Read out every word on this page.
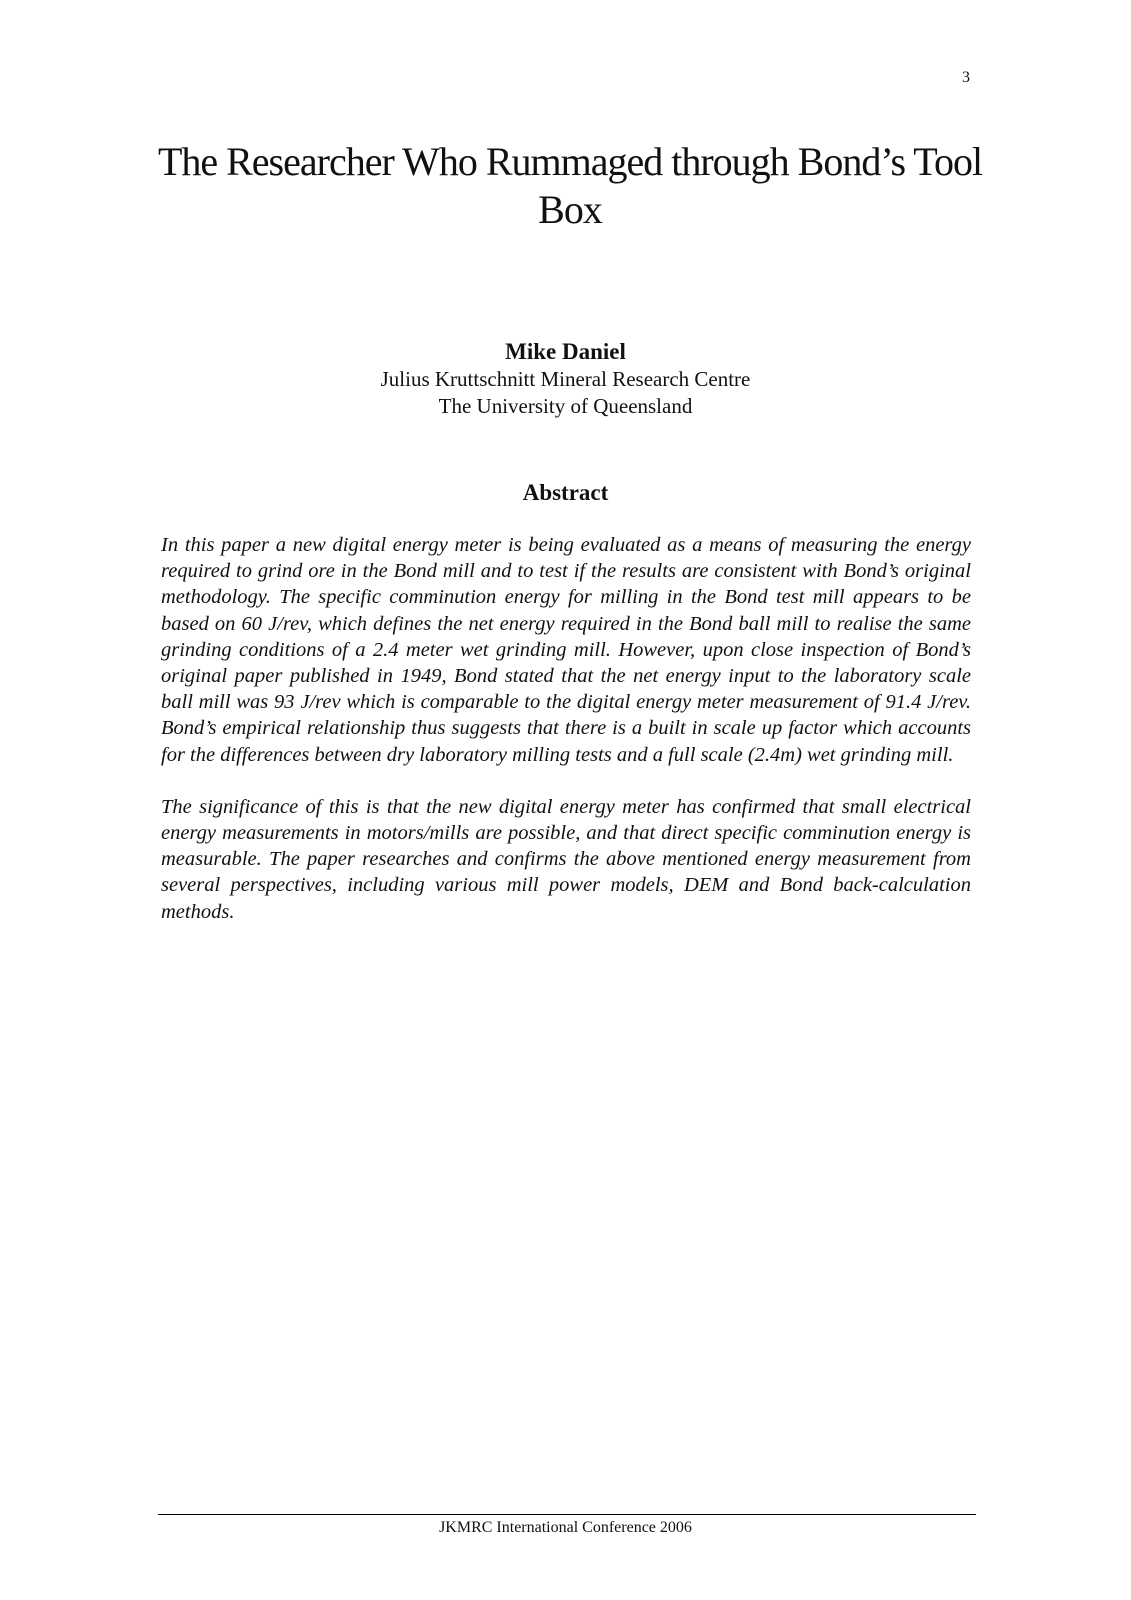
3
The Researcher Who Rummaged through Bond’s Tool Box
Mike Daniel
Julius Kruttschnitt Mineral Research Centre
The University of Queensland
Abstract

In this paper a new digital energy meter is being evaluated as a means of measuring the energy required to grind ore in the Bond mill and to test if the results are consistent with Bond’s original methodology. The specific comminution energy for milling in the Bond test mill appears to be based on 60 J/rev, which defines the net energy required in the Bond ball mill to realise the same grinding conditions of a 2.4 meter wet grinding mill. However, upon close inspection of Bond’s original paper published in 1949, Bond stated that the net energy input to the laboratory scale ball mill was 93 J/rev which is comparable to the digital energy meter measurement of 91.4 J/rev. Bond’s empirical relationship thus suggests that there is a built in scale up factor which accounts for the differences between dry laboratory milling tests and a full scale (2.4m) wet grinding mill.

The significance of this is that the new digital energy meter has confirmed that small electrical energy measurements in motors/mills are possible, and that direct specific comminution energy is measurable. The paper researches and confirms the above mentioned energy measurement from several perspectives, including various mill power models, DEM and Bond back-calculation methods.

JKMRC International Conference 2006
